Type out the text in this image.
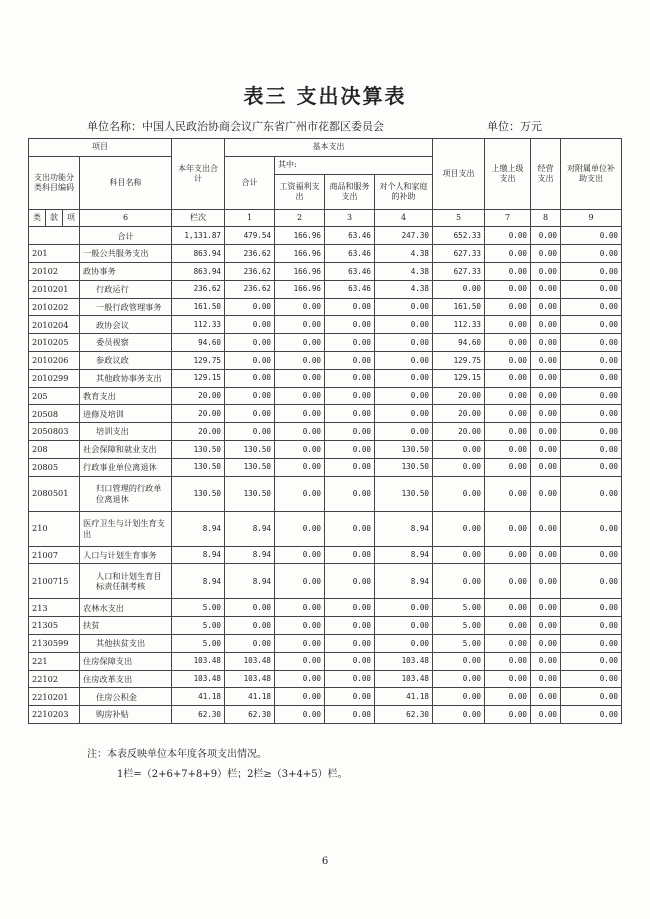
表三 支出决算表
单位名称：中国人民政治协商会议广东省广州市花都区委员会	单位：万元
项目				本年支出合计	基本支出				项目支出	上缴上级支出	经营支出	对附属单位补助支出
支出功能分类科目编码			科目名称		合计	其中:						
						工资福利支出	商品和服务支出	对个人和家庭的补助				
类	款	项		栏次	1	2	3	4	5			
			6							7	8	9
			合计	1,131.87	479.54	166.96	63.46	247.30	652.33	0.00	0.00	0.00
201			一般公共服务支出	863.94	236.62	166.96	63.46	4.38	627.33	0.00	0.00	0.00
20102			政协事务	863.94	236.62	166.96	63.46	4.38	627.33	0.00	0.00	0.00
2010201			行政运行	236.62	236.62	166.96	63.46	4.38	0.00	0.00	0.00	0.00
2010202			一般行政管理事务	161.50	0.00	0.00	0.00	0.00	161.50	0.00	0.00	0.00
2010204			政协会议	112.33	0.00	0.00	0.00	0.00	112.33	0.00	0.00	0.00
2010205			委员视察	94.60	0.00	0.00	0.00	0.00	94.60	0.00	0.00	0.00
2010206			参政议政	129.75	0.00	0.00	0.00	0.00	129.75	0.00	0.00	0.00
2010299			其他政协事务支出	129.15	0.00	0.00	0.00	0.00	129.15	0.00	0.00	0.00
205			教育支出	20.00	0.00	0.00	0.00	0.00	20.00	0.00	0.00	0.00
20508			进修及培训	20.00	0.00	0.00	0.00	0.00	20.00	0.00	0.00	0.00
2050803			培训支出	20.00	0.00	0.00	0.00	0.00	20.00	0.00	0.00	0.00
208			社会保障和就业支出	130.50	130.50	0.00	0.00	130.50	0.00	0.00	0.00	0.00
20805			行政事业单位离退休	130.50	130.50	0.00	0.00	130.50	0.00	0.00	0.00	0.00
2080501			归口管理的行政单位离退休	130.50	130.50	0.00	0.00	130.50	0.00	0.00	0.00	0.00
210			医疗卫生与计划生育支出	8.94	8.94	0.00	0.00	8.94	0.00	0.00	0.00	0.00
21007			人口与计划生育事务	8.94	8.94	0.00	0.00	8.94	0.00	0.00	0.00	0.00
2100715			人口和计划生育目标责任制考核	8.94	8.94	0.00	0.00	8.94	0.00	0.00	0.00	0.00
213			农林水支出	5.00	0.00	0.00	0.00	0.00	5.00	0.00	0.00	0.00
21305			扶贫	5.00	0.00	0.00	0.00	0.00	5.00	0.00	0.00	0.00
2130599			其他扶贫支出	5.00	0.00	0.00	0.00	0.00	5.00	0.00	0.00	0.00
221			住房保障支出	103.48	103.48	0.00	0.00	103.48	0.00	0.00	0.00	0.00
22102			住房改革支出	103.48	103.48	0.00	0.00	103.48	0.00	0.00	0.00	0.00
2210201			住房公积金	41.18	41.18	0.00	0.00	41.18	0.00	0.00	0.00	0.00
2210203			购房补贴	62.30	62.30	0.00	0.00	62.30	0.00	0.00	0.00	0.00
注：本表反映单位本年度各项支出情况。
1栏=（2+6+7+8+9）栏；2栏≥（3+4+5）栏。
6
